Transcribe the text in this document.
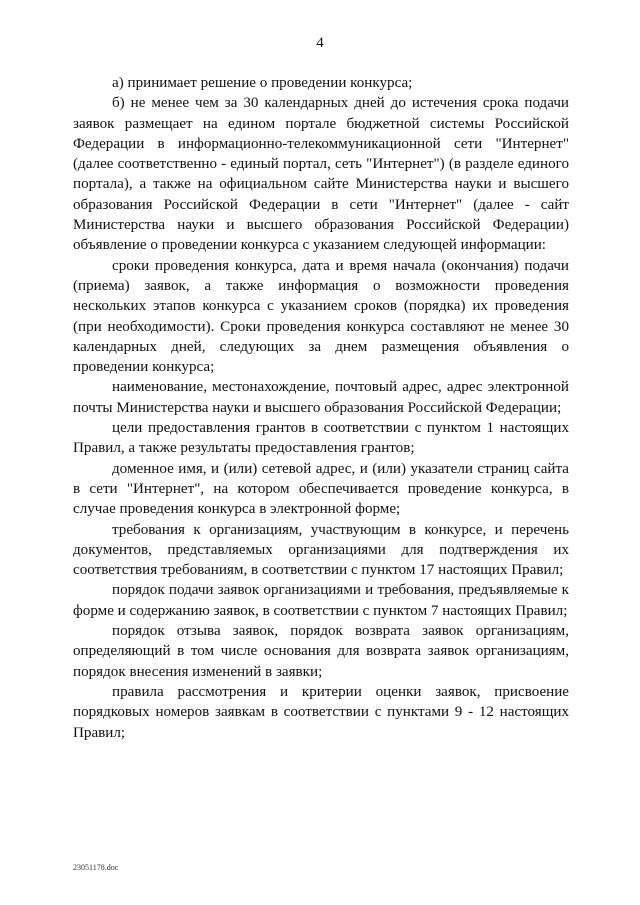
4

а) принимает решение о проведении конкурса;

б) не менее чем за 30 календарных дней до истечения срока подачи заявок размещает на едином портале бюджетной системы Российской Федерации в информационно-телекоммуникационной сети "Интернет" (далее соответственно - единый портал, сеть "Интернет") (в разделе единого портала), а также на официальном сайте Министерства науки и высшего образования Российской Федерации в сети "Интернет" (далее - сайт Министерства науки и высшего образования Российской Федерации) объявление о проведении конкурса с указанием следующей информации:

сроки проведения конкурса, дата и время начала (окончания) подачи (приема) заявок, а также информация о возможности проведения нескольких этапов конкурса с указанием сроков (порядка) их проведения (при необходимости). Сроки проведения конкурса составляют не менее 30 календарных дней, следующих за днем размещения объявления о проведении конкурса;

наименование, местонахождение, почтовый адрес, адрес электронной почты Министерства науки и высшего образования Российской Федерации;

цели предоставления грантов в соответствии с пунктом 1 настоящих Правил, а также результаты предоставления грантов;

доменное имя, и (или) сетевой адрес, и (или) указатели страниц сайта в сети "Интернет", на котором обеспечивается проведение конкурса, в случае проведения конкурса в электронной форме;

требования к организациям, участвующим в конкурсе, и перечень документов, представляемых организациями для подтверждения их соответствия требованиям, в соответствии с пунктом 17 настоящих Правил;

порядок подачи заявок организациями и требования, предъявляемые к форме и содержанию заявок, в соответствии с пунктом 7 настоящих Правил;

порядок отзыва заявок, порядок возврата заявок организациям, определяющий в том числе основания для возврата заявок организациям, порядок внесения изменений в заявки;

правила рассмотрения и критерии оценки заявок, присвоение порядковых номеров заявкам в соответствии с пунктами 9 - 12 настоящих Правил;

23051178.doc
